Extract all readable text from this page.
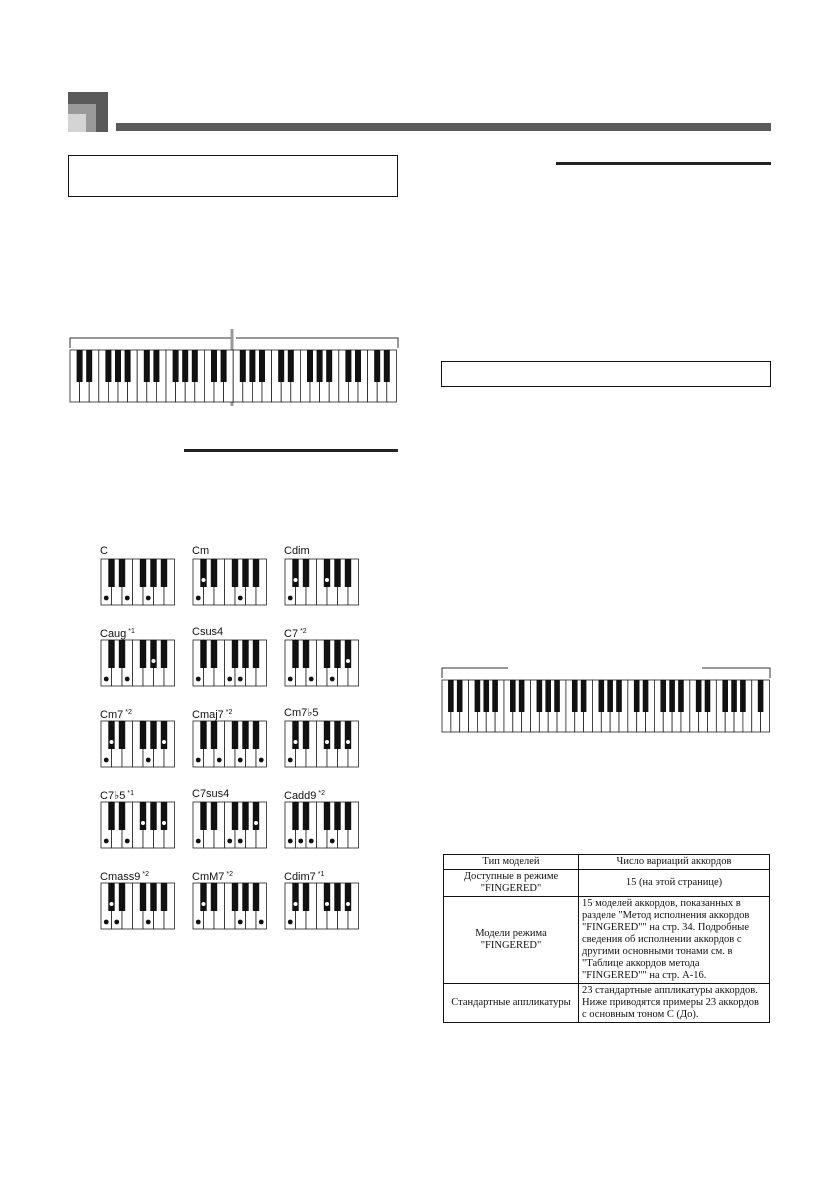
C	Cm	Cdim
Caug $^{*1}$	Csus4	C7 $^{*2}$
Cm7 $^{*2}$	Cmaj7 $^{*2}$	Cm7♭5
C7♭5 $^{*1}$	C7sus4	Cadd9 $^{*2}$
Cmass9 $^{*2}$	CmM7 $^{*2}$	Cdim7 $^{*1}$
Тип моделей	Число вариаций аккордов
Доступные в режиме "FINGERED"	15 (на этой странице)
Модели режима "FINGERED"	15 моделей аккордов, показанных в разделе "Метод исполнения аккордов "FINGERED"" на стр. 34. Подробные сведения об исполнении аккордов с другими основными тонами см. в "Таблице аккордов метода "FINGERED"" на стр. А-16.
Стандартные аппликатуры	23 стандартные аппликатуры аккордов. Ниже приводятся примеры 23 аккордов с основным тоном С (До).
